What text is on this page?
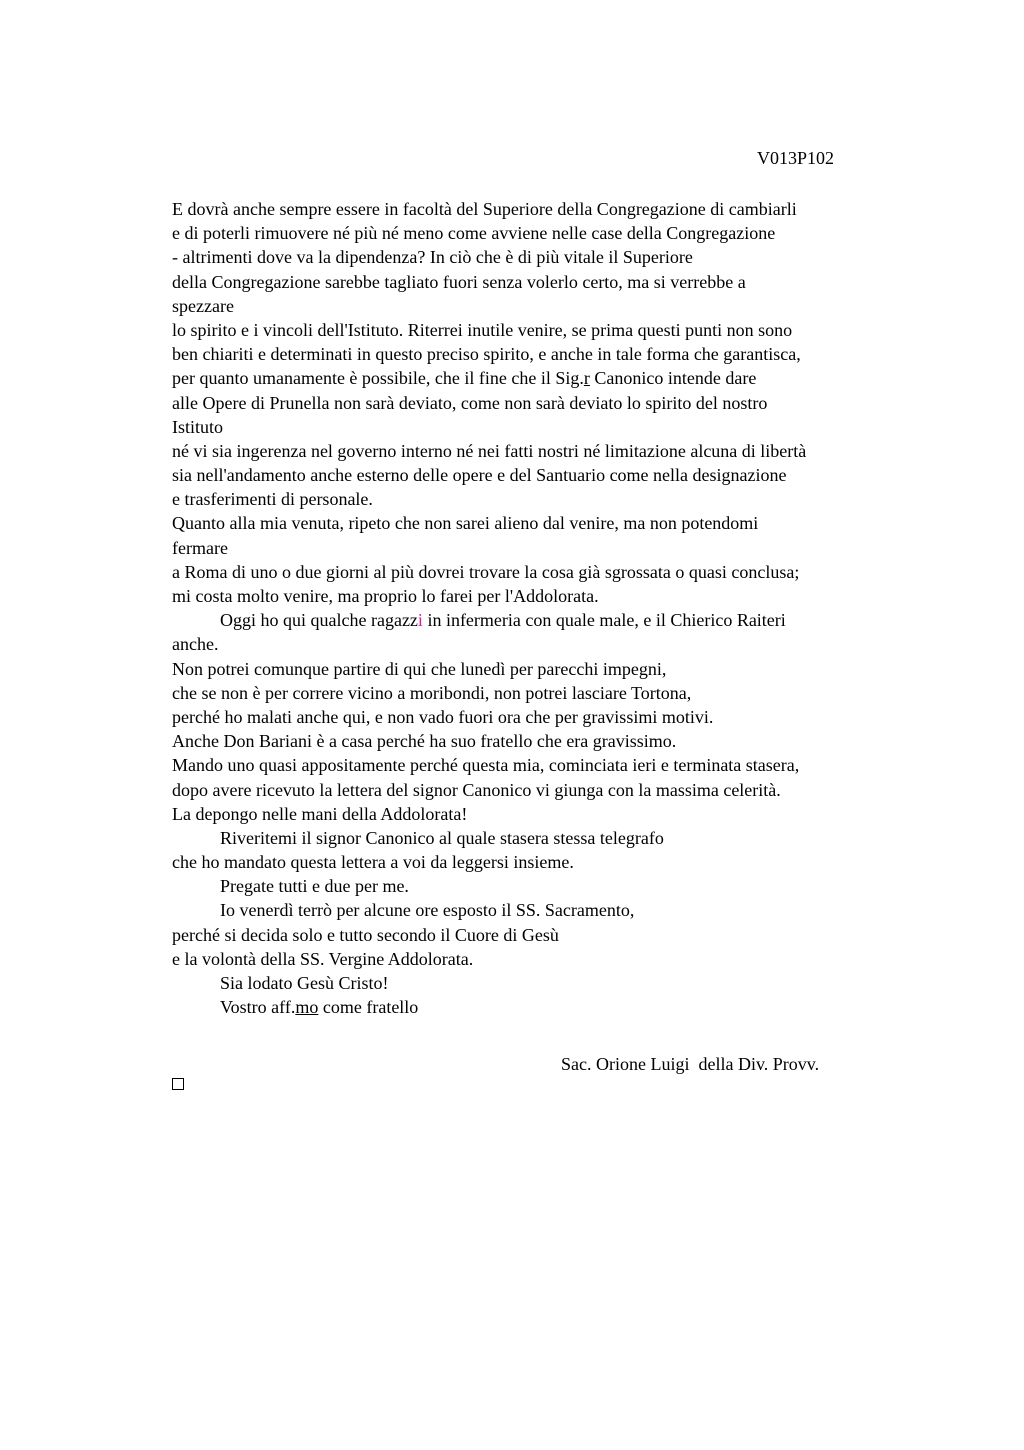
V013P102
E dovrà anche sempre essere in facoltà del Superiore della Congregazione di cambiarli
e di poterli rimuovere né più né meno come avviene nelle case della Congregazione
- altrimenti dove va la dipendenza? In ciò che è di più vitale il Superiore
della Congregazione sarebbe tagliato fuori senza volerlo certo, ma si verrebbe a
spezzare
lo spirito e i vincoli dell'Istituto. Riterrei inutile venire, se prima questi punti non sono
ben chiariti e determinati in questo preciso spirito, e anche in tale forma che garantisca,
per quanto umanamente è possibile, che il fine che il Sig.r Canonico intende dare
alle Opere di Prunella non sarà deviato, come non sarà deviato lo spirito del nostro
Istituto
né vi sia ingerenza nel governo interno né nei fatti nostri né limitazione alcuna di libertà
sia nell'andamento anche esterno delle opere e del Santuario come nella designazione
e trasferimenti di personale.
Quanto alla mia venuta, ripeto che non sarei alieno dal venire, ma non potendomi
fermare
a Roma di uno o due giorni al più dovrei trovare la cosa già sgrossata o quasi conclusa;
mi costa molto venire, ma proprio lo farei per l'Addolorata.
Oggi ho qui qualche ragazzi in infermeria con quale male, e il Chierico Raiteri
anche.
Non potrei comunque partire di qui che lunedì per parecchi impegni,
che se non è per correre vicino a moribondi, non potrei lasciare Tortona,
perché ho malati anche qui, e non vado fuori ora che per gravissimi motivi.
Anche Don Bariani è a casa perché ha suo fratello che era gravissimo.
Mando uno quasi appositamente perché questa mia, cominciata ieri e terminata stasera,
dopo avere ricevuto la lettera del signor Canonico vi giunga con la massima celerità.
La depongo nelle mani della Addolorata!
Riveritemi il signor Canonico al quale stasera stessa telegrafo
che ho mandato questa lettera a voi da leggersi insieme.
Pregate tutti e due per me.
Io venerdì terrò per alcune ore esposto il SS. Sacramento,
perché si decida solo e tutto secondo il Cuore di Gesù
e la volontà della SS. Vergine Addolorata.
Sia lodato Gesù Cristo!
Vostro aff.mo come fratello
Sac. Orione Luigi  della Div. Provv.
